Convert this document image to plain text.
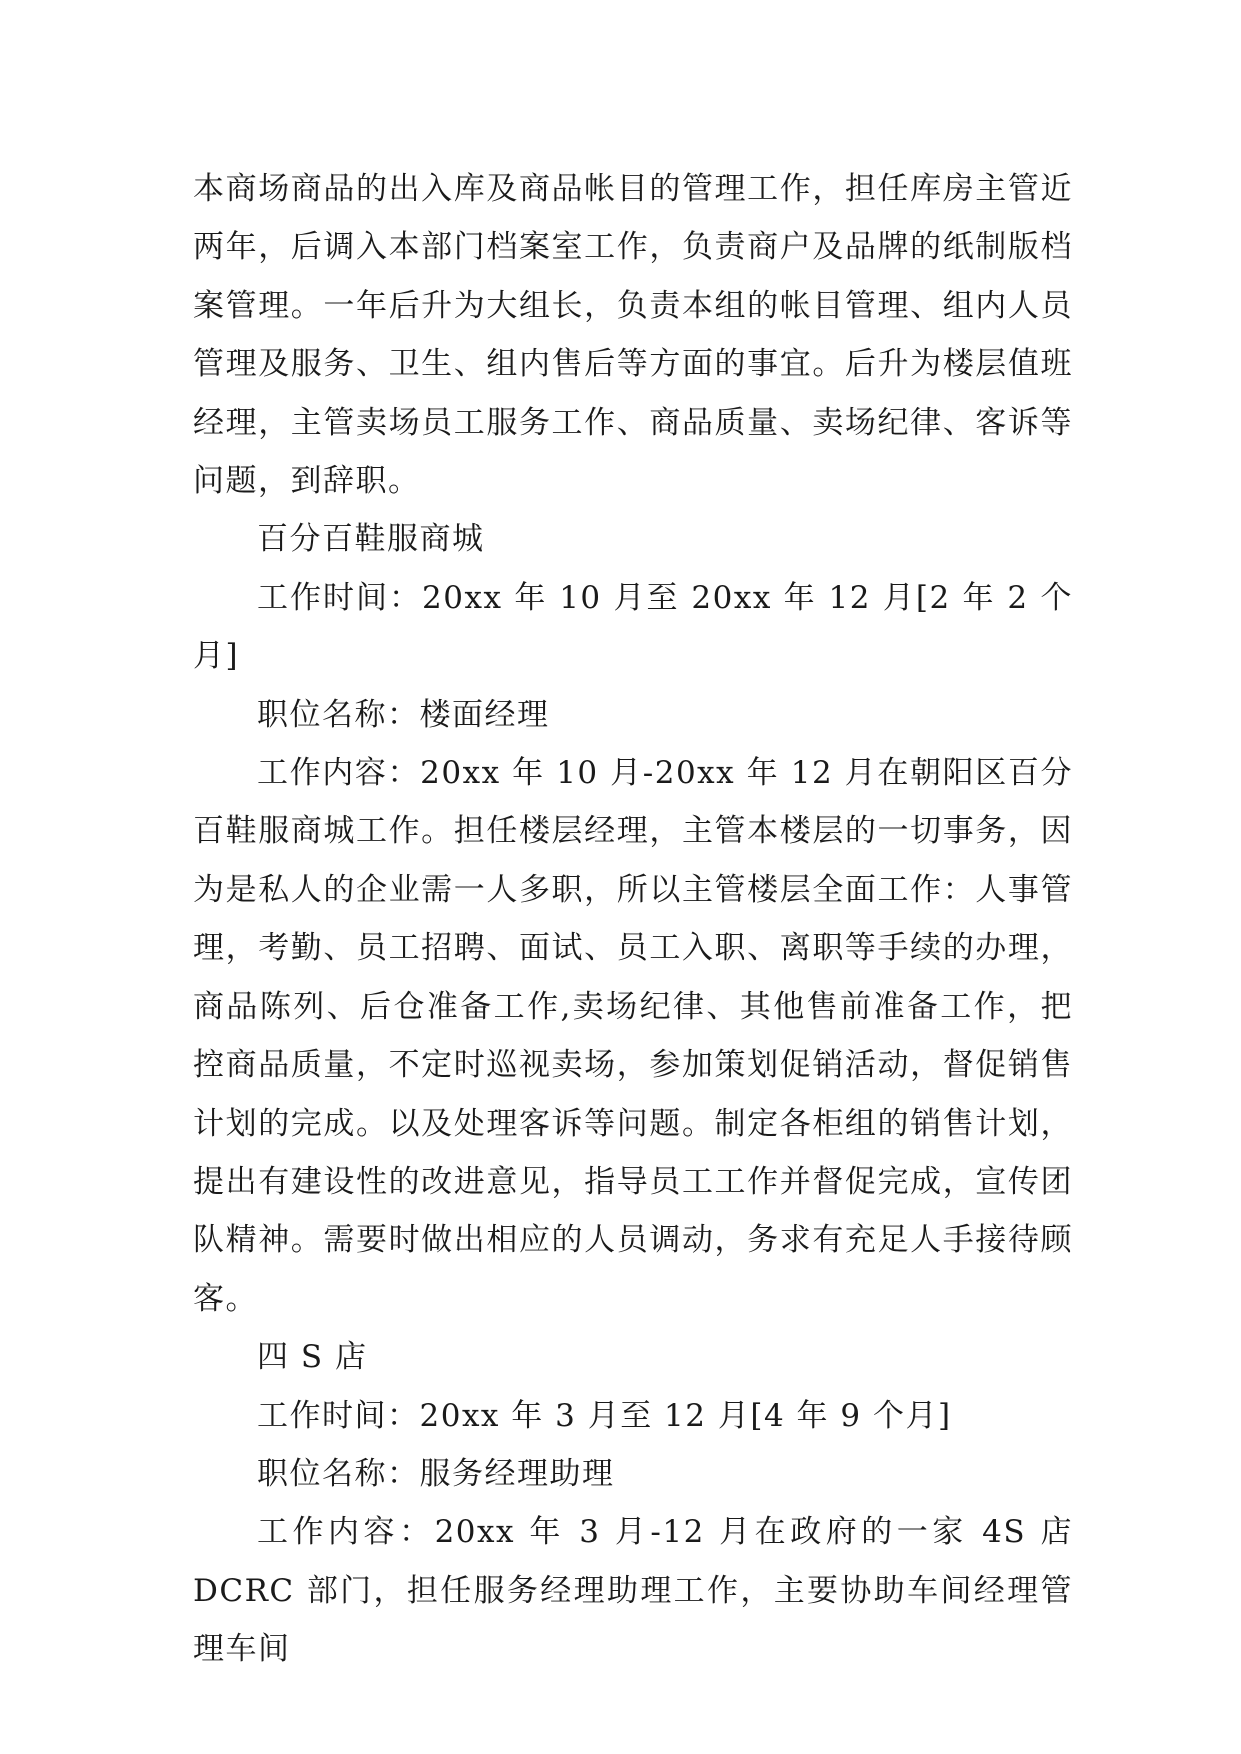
本商场商品的出入库及商品帐目的管理工作，担任库房主管近两年，后调入本部门档案室工作，负责商户及品牌的纸制版档案管理。一年后升为大组长，负责本组的帐目管理、组内人员管理及服务、卫生、组内售后等方面的事宜。后升为楼层值班经理，主管卖场员工服务工作、商品质量、卖场纪律、客诉等问题，到辞职。

百分百鞋服商城

工作时间：20xx 年 10 月至 20xx 年 12 月[2 年 2 个月]

职位名称：楼面经理

工作内容：20xx 年 10 月-20xx 年 12 月在朝阳区百分百鞋服商城工作。担任楼层经理，主管本楼层的一切事务，因为是私人的企业需一人多职，所以主管楼层全面工作：人事管理，考勤、员工招聘、面试、员工入职、离职等手续的办理，商品陈列、后仓准备工作,卖场纪律、其他售前准备工作，把控商品质量，不定时巡视卖场，参加策划促销活动，督促销售计划的完成。以及处理客诉等问题。制定各柜组的销售计划，提出有建设性的改进意见，指导员工工作并督促完成，宣传团队精神。需要时做出相应的人员调动，务求有充足人手接待顾客。

四 S 店

工作时间：20xx 年 3 月至 12 月[4 年 9 个月]

职位名称：服务经理助理

工作内容：20xx 年 3 月-12 月在政府的一家 4S 店 DCRC 部门，担任服务经理助理工作，主要协助车间经理管理车间
